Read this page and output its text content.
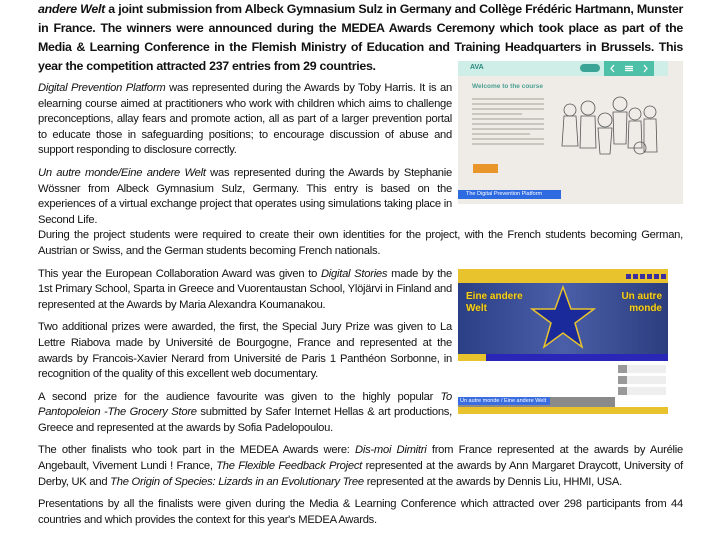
andere Welt a joint submission from Albeck Gymnasium Sulz in Germany and Collège Frédéric Hartmann, Munster in France. The winners were announced during the MEDEA Awards Ceremony which took place as part of the Media & Learning Conference in the Flemish Ministry of Education and Training Headquarters in Brussels. This year the competition attracted 237 entries from 29 countries.	AVA
Welcome to the course
The Digital Prevention Platform

Digital Prevention Platform was represented during the Awards by Toby Harris. It is an elearning course aimed at practitioners who work with children which aims to challenge preconceptions, allay fears and promote action, all as part of a larger prevention portal to educate those in safeguarding positions; to encourage discussion of abuse and support responding to disclosure correctly.

Un autre monde/Eine andere Welt was represented during the Awards by Stephanie Wössner from Albeck Gymnasium Sulz, Germany. This entry is based on the experiences of a virtual exchange project that operates using simulations taking place in Second Life.

During the project students were required to create their own identities for the project, with the French students becoming German, Austrian or Swiss, and the German students becoming French nationals.

Eine andere Welt
Un autre monde
Un autre monde / Eine andere Welt

This year the European Collaboration Award was given to Digital Stories made by the 1st Primary School, Sparta in Greece and Vuorentaustan School, Ylöjärvi in Finland and represented at the Awards by Maria Alexandra Koumanakou.

Two additional prizes were awarded, the first, the Special Jury Prize was given to La Lettre Riabova made by Université de Bourgogne, France and represented at the awards by Francois-Xavier Nerard from Université de Paris 1 Panthéon Sorbonne, in recognition of the quality of this excellent web documentary.

A second prize for the audience favourite was given to the highly popular To Pantopoleion -The Grocery Store submitted by Safer Internet Hellas & art productions, Greece and represented at the awards by Sofia Padelopoulou.

The other finalists who took part in the MEDEA Awards were: Dis-moi Dimitri from France represented at the awards by Aurélie Angebault, Vivement Lundi ! France, The Flexible Feedback Project represented at the awards by Ann Margaret Draycott, University of Derby, UK and The Origin of Species: Lizards in an Evolutionary Tree represented at the awards by Dennis Liu, HHMI, USA.

Presentations by all the finalists were given during the Media & Learning Conference which attracted over 298 participants from 44 countries and which provides the context for this year's MEDEA Awards.
